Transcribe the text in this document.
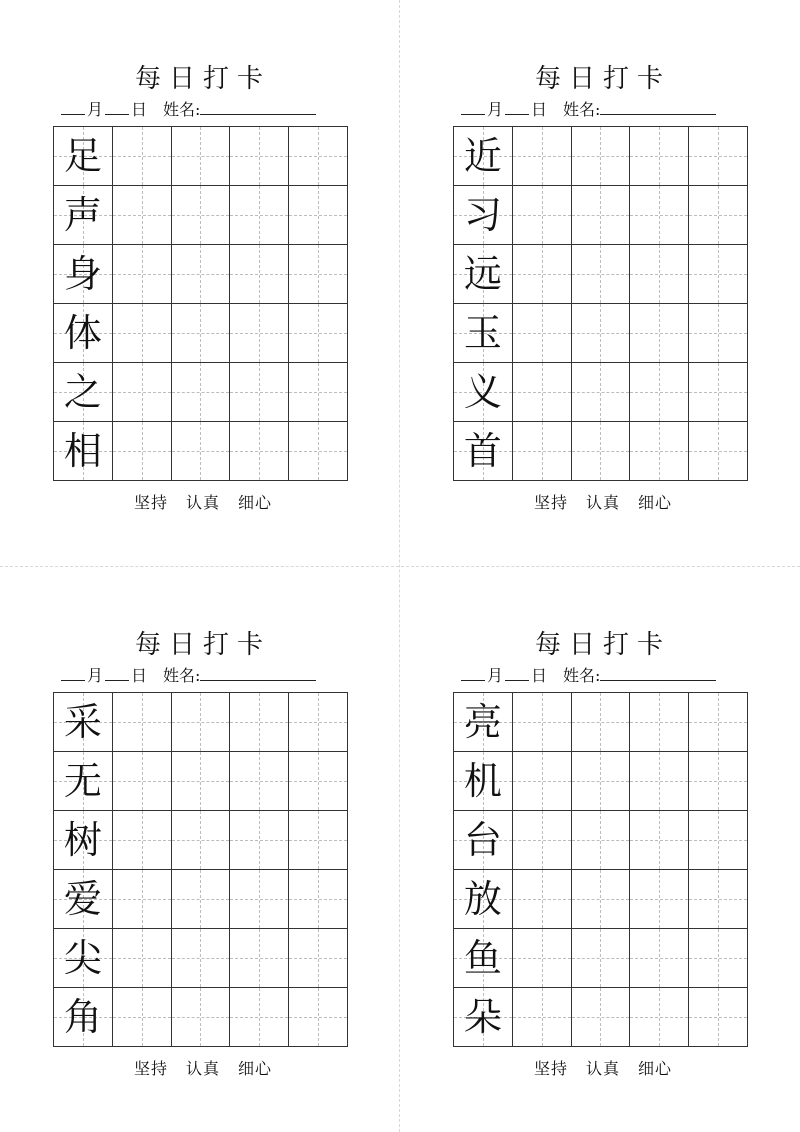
每日打卡
月 日 姓名:
足
声
身
体
之
相
坚持 认真 细心
每日打卡
月 日 姓名:
近
习
远
玉
义
首
坚持 认真 细心
每日打卡
月 日 姓名:
采
无
树
爱
尖
角
坚持 认真 细心
每日打卡
月 日 姓名:
亮
机
台
放
鱼
朵
坚持 认真 细心
